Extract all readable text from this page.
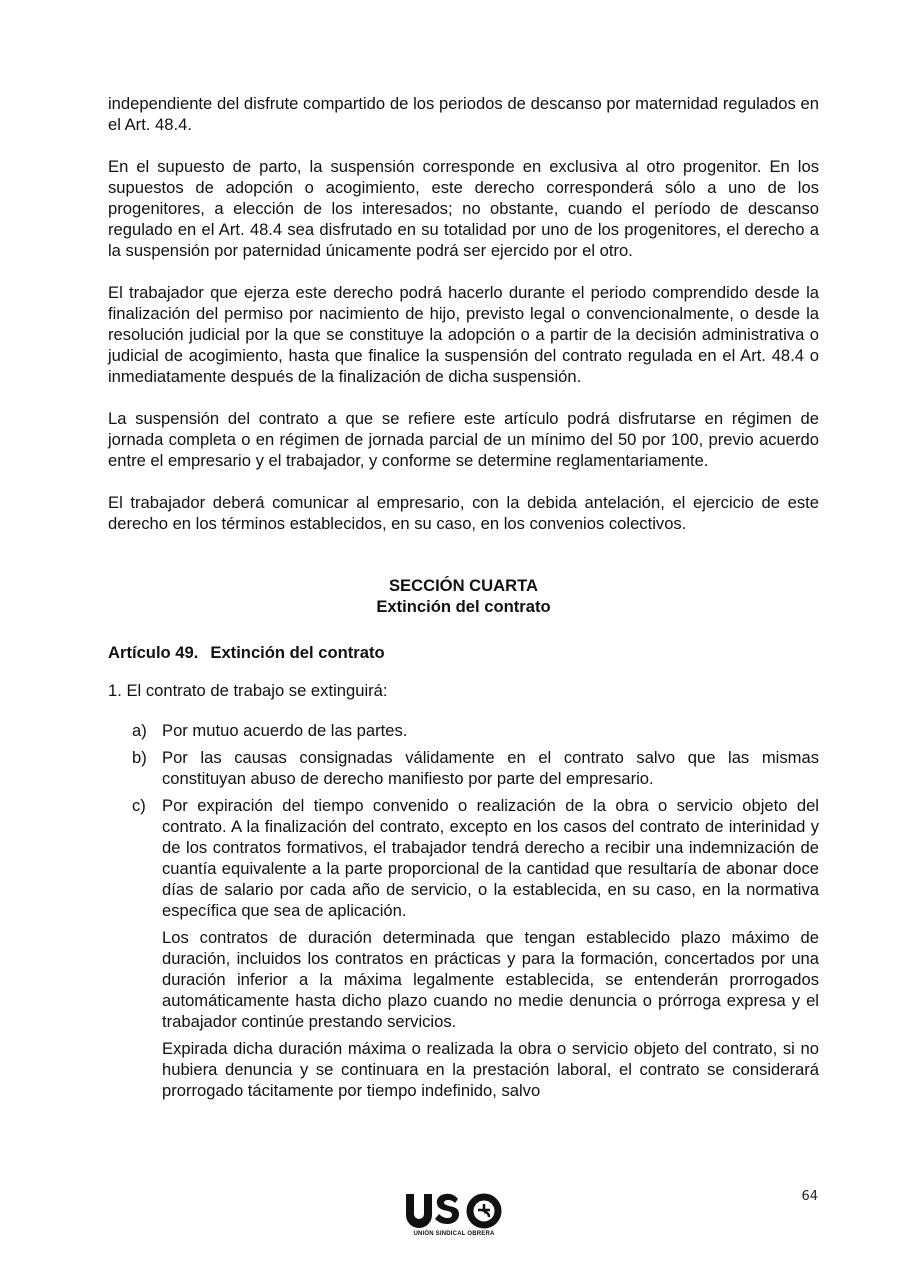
independiente del disfrute compartido de los periodos de descanso por maternidad regulados en el Art. 48.4.

En el supuesto de parto, la suspensión corresponde en exclusiva al otro progenitor. En los supuestos de adopción o acogimiento, este derecho corresponderá sólo a uno de los progenitores, a elección de los interesados; no obstante, cuando el período de descanso regulado en el Art. 48.4 sea disfrutado en su totalidad por uno de los progenitores, el derecho a la suspensión por paternidad únicamente podrá ser ejercido por el otro.

El trabajador que ejerza este derecho podrá hacerlo durante el periodo comprendido desde la finalización del permiso por nacimiento de hijo, previsto legal o convencionalmente, o desde la resolución judicial por la que se constituye la adopción o a partir de la decisión administrativa o judicial de acogimiento, hasta que finalice la suspensión del contrato regulada en el Art. 48.4 o inmediatamente después de la finalización de dicha suspensión.

La suspensión del contrato a que se refiere este artículo podrá disfrutarse en régimen de jornada completa o en régimen de jornada parcial de un mínimo del 50 por 100, previo acuerdo entre el empresario y el trabajador, y conforme se determine reglamentariamente.

El trabajador deberá comunicar al empresario, con la debida antelación, el ejercicio de este derecho en los términos establecidos, en su caso, en los convenios colectivos.

SECCIÓN CUARTA
Extinción del contrato
Artículo 49. Extinción del contrato

1. El contrato de trabajo se extinguirá:

a) Por mutuo acuerdo de las partes.
b) Por las causas consignadas válidamente en el contrato salvo que las mismas constituyan abuso de derecho manifiesto por parte del empresario.
c) Por expiración del tiempo convenido o realización de la obra o servicio objeto del contrato. A la finalización del contrato, excepto en los casos del contrato de interinidad y de los contratos formativos, el trabajador tendrá derecho a recibir una indemnización de cuantía equivalente a la parte proporcional de la cantidad que resultaría de abonar doce días de salario por cada año de servicio, o la establecida, en su caso, en la normativa específica que sea de aplicación.

Los contratos de duración determinada que tengan establecido plazo máximo de duración, incluidos los contratos en prácticas y para la formación, concertados por una duración inferior a la máxima legalmente establecida, se entenderán prorrogados automáticamente hasta dicho plazo cuando no medie denuncia o prórroga expresa y el trabajador continúe prestando servicios.

Expirada dicha duración máxima o realizada la obra o servicio objeto del contrato, si no hubiera denuncia y se continuara en la prestación laboral, el contrato se considerará prorrogado tácitamente por tiempo indefinido, salvo

64
UNIÓN SINDICAL OBRERA
